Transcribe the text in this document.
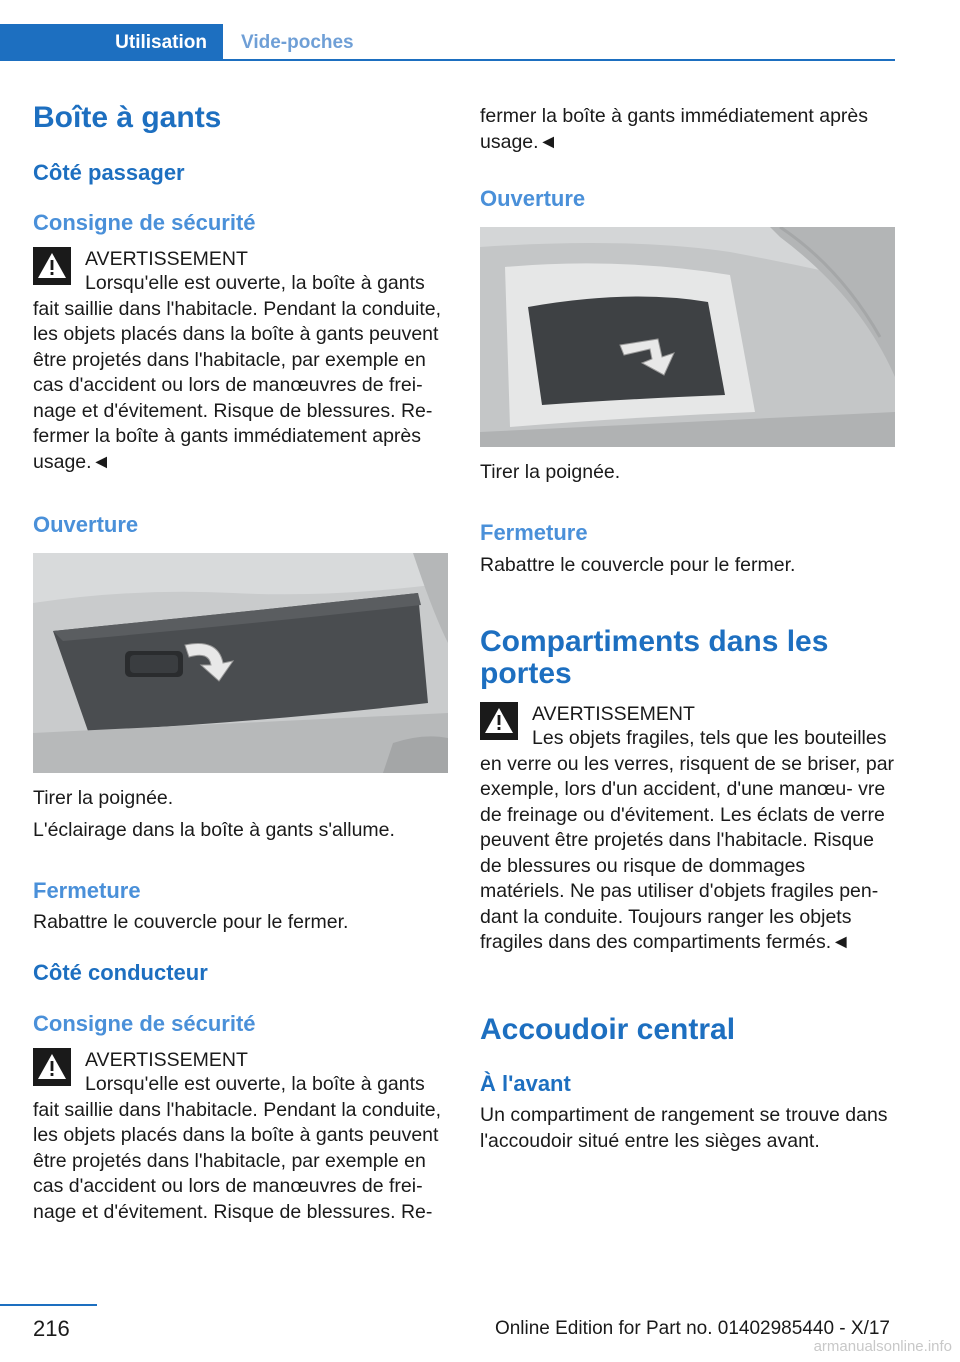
Utilisation	Vide-poches
Boîte à gants
Côté passager
Consigne de sécurité
AVERTISSEMENT
Lorsqu'elle est ouverte, la boîte à gants fait saillie dans l'habitacle. Pendant la conduite, les objets placés dans la boîte à gants peuvent être projetés dans l'habitacle, par exemple en cas d'accident ou lors de manœuvres de frei‐ nage et d'évitement. Risque de blessures. Re‐ fermer la boîte à gants immédiatement après usage.◄
Ouverture
Tirer la poignée.
L'éclairage dans la boîte à gants s'allume.
Fermeture
Rabattre le couvercle pour le fermer.
Côté conducteur
Consigne de sécurité
AVERTISSEMENT
Lorsqu'elle est ouverte, la boîte à gants fait saillie dans l'habitacle. Pendant la conduite, les objets placés dans la boîte à gants peuvent être projetés dans l'habitacle, par exemple en cas d'accident ou lors de manœuvres de frei‐ nage et d'évitement. Risque de blessures. Re‐
fermer la boîte à gants immédiatement après usage.◄
Ouverture
Tirer la poignée.
Fermeture
Rabattre le couvercle pour le fermer.
Compartiments dans les portes
AVERTISSEMENT
Les objets fragiles, tels que les bouteilles en verre ou les verres, risquent de se briser, par exemple, lors d'un accident, d'une manœu‐ vre de freinage ou d'évitement. Les éclats de verre peuvent être projetés dans l'habitacle. Risque de blessures ou risque de dommages matériels. Ne pas utiliser d'objets fragiles pen‐ dant la conduite. Toujours ranger les objets fragiles dans des compartiments fermés.◄
Accoudoir central
À l'avant
Un compartiment de rangement se trouve dans l'accoudoir situé entre les sièges avant.
216	Online Edition for Part no. 01402985440 - X/17
armanualsonline.info
